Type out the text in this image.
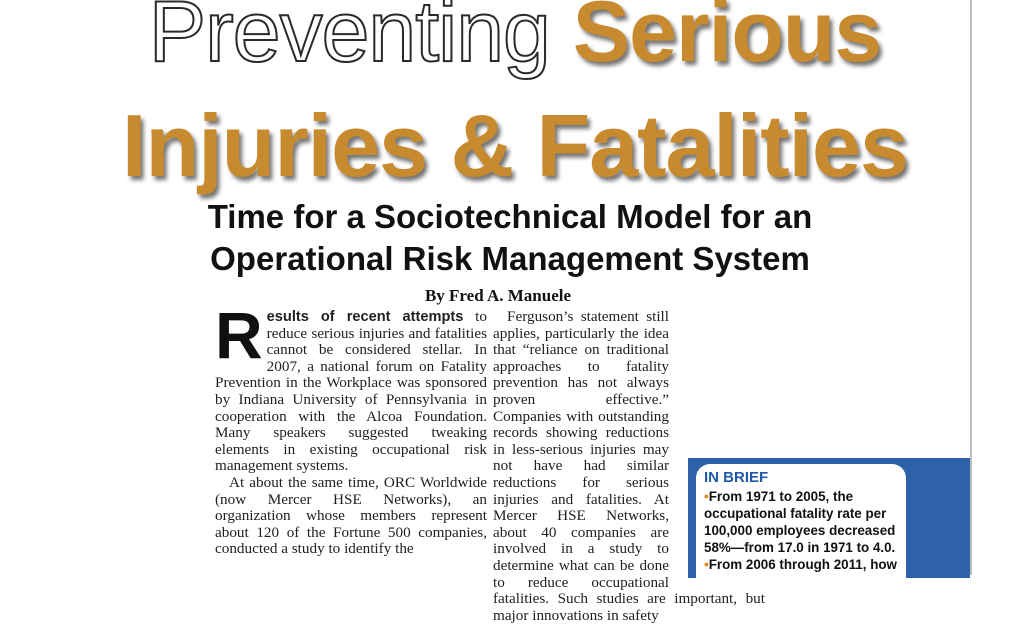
Preventing Serious
Injuries & Fatalities
Time for a Sociotechnical Model for an
Operational Risk Management System
By Fred A. Manuele

Results of recent attempts to reduce serious injuries and fatalities cannot be considered stellar. In 2007, a national forum on Fatality Prevention in the Workplace was sponsored by Indiana University of Pennsylvania in cooperation with the Alcoa Foundation. Many speakers suggested tweaking elements in existing occupational risk management systems.

At about the same time, ORC Worldwide (now Mercer HSE Networks), an organization whose members represent about 120 of the Fortune 500 companies, conducted a study to identify the

Ferguson’s statement still applies, particularly the idea that “reliance on traditional approaches to fatality prevention has not always proven effective.” Companies with outstanding records showing reductions in less-serious injuries may not have had similar reductions for serious injuries and fatalities. At Mercer HSE Networks, about 40 companies are involved in a study to determine what can be done to reduce occupational fatalities. Such studies are important, but major innovations in safety

IN BRIEF
•From 1971 to 2005, the occupational fatality rate per 100,000 employees decreased 58%—from 17.0 in 1971 to 4.0.
•From 2006 through 2011, how
